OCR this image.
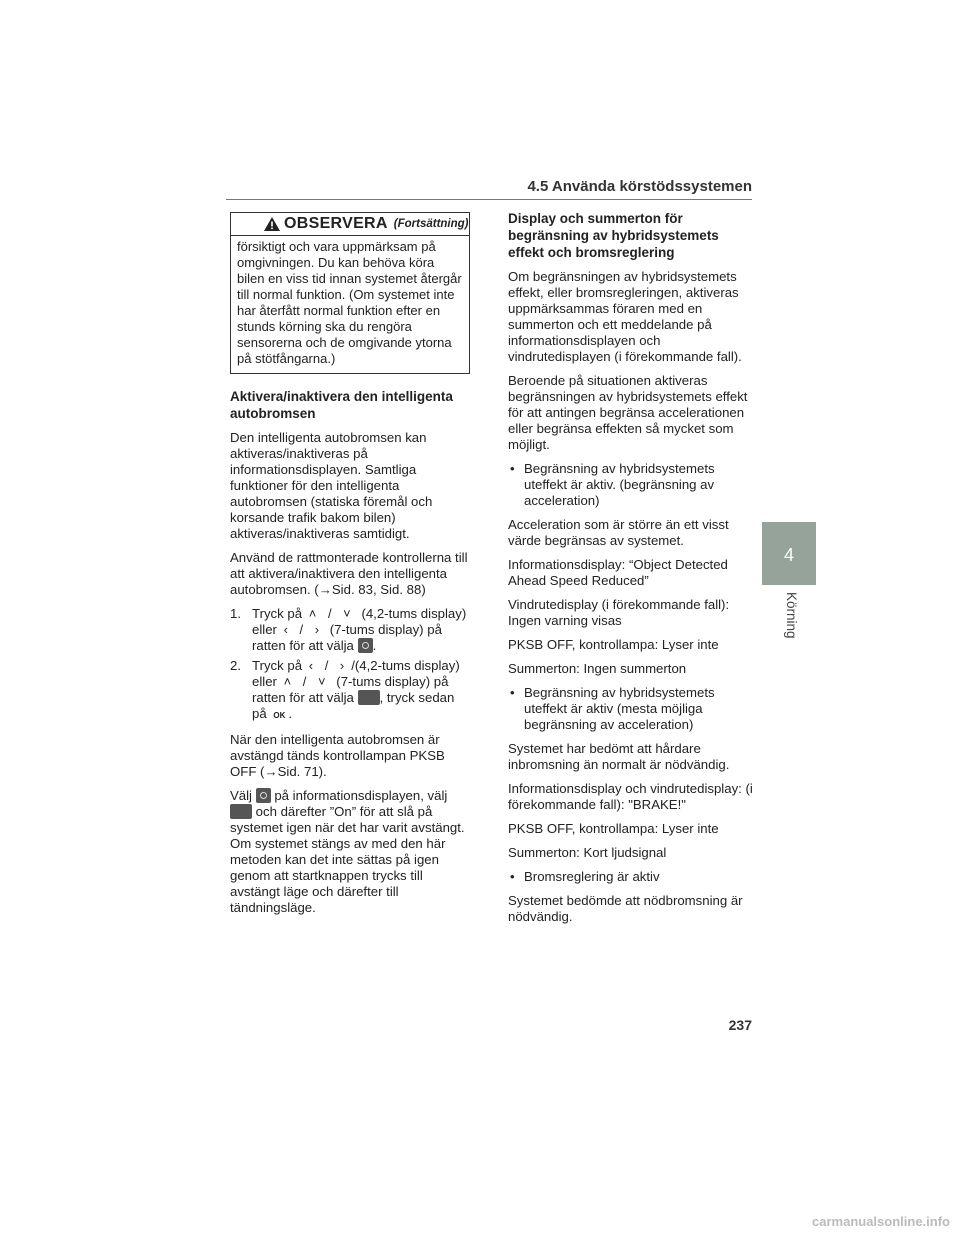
4.5 Använda körstödssystemen
OBSERVERA (Fortsättning)
försiktigt och vara uppmärksam på omgivningen. Du kan behöva köra bilen en viss tid innan systemet återgår till normal funktion. (Om systemet inte har återfått normal funktion efter en stunds körning ska du rengöra sensorerna och de omgivande ytorna på stötfångarna.)
Aktivera/inaktivera den intelligenta autobromsen

Den intelligenta autobromsen kan aktiveras/inaktiveras på informationsdisplayen. Samtliga funktioner för den intelligenta autobromsen (statiska föremål och korsande trafik bakom bilen) aktiveras/inaktiveras samtidigt.

Använd de rattmonterade kontrollerna till att aktivera/inaktivera den intelligenta autobromsen. (→Sid. 83, Sid. 88)

1. Tryck på ˄ / ˅ (4,2-tums display)
eller ‹ / › (7-tums display) på
ratten för att välja .
2. Tryck på ‹ / › /(4,2-tums display)
eller ˄ / ˅ (7-tums display) på
ratten för att välja , tryck sedan
på OK .

När den intelligenta autobromsen är avstängd tänds kontrollampan PKSB OFF (→Sid. 71).

Välj på informationsdisplayen, välj
och därefter ”On” för att slå på systemet igen när det har varit avstängt. Om systemet stängs av med den här metoden kan det inte sättas på igen genom att startknappen trycks till avstängt läge och därefter till tändningsläge.

Display och summerton för begränsning av hybridsystemets effekt och bromsreglering

Om begränsningen av hybridsystemets effekt, eller bromsregleringen, aktiveras uppmärksammas föraren med en summerton och ett meddelande på informationsdisplayen och vindrutedisplayen (i förekommande fall).

Beroende på situationen aktiveras begränsningen av hybridsystemets effekt för att antingen begränsa accelerationen eller begränsa effekten så mycket som möjligt.

• Begränsning av hybridsystemets uteffekt är aktiv. (begränsning av acceleration)

Acceleration som är större än ett visst värde begränsas av systemet.

Informationsdisplay: “Object Detected Ahead Speed Reduced”

Vindrutedisplay (i förekommande fall): Ingen varning visas

PKSB OFF, kontrollampa: Lyser inte

Summerton: Ingen summerton

• Begränsning av hybridsystemets uteffekt är aktiv (mesta möjliga begränsning av acceleration)

Systemet har bedömt att hårdare inbromsning än normalt är nödvändig.

Informationsdisplay och vindrutedisplay: (i förekommande fall): "BRAKE!"

PKSB OFF, kontrollampa: Lyser inte

Summerton: Kort ljudsignal

• Bromsreglering är aktiv

Systemet bedömde att nödbromsning är nödvändig.

4
Körning
237
carmanualsonline.info
